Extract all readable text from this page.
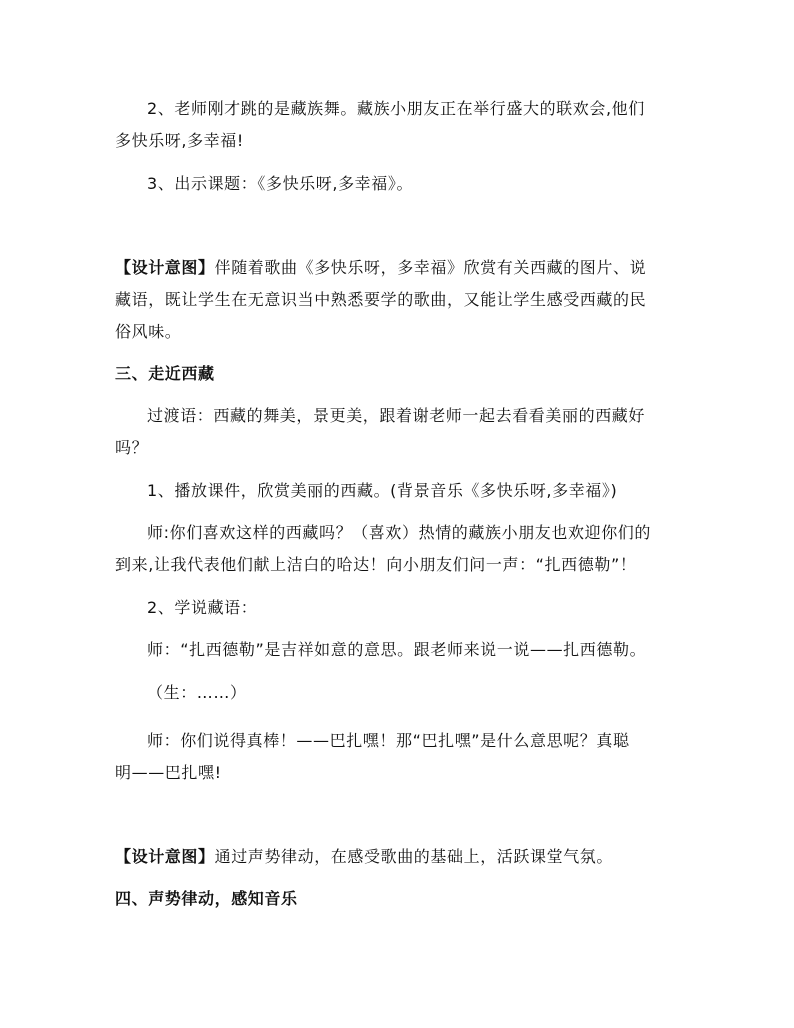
2、老师刚才跳的是藏族舞。藏族小朋友正在举行盛大的联欢会,他们
多快乐呀,多幸福!
3、出示课题：《多快乐呀,多幸福》。
【设计意图】伴随着歌曲《多快乐呀，多幸福》欣赏有关西藏的图片、说
藏语，既让学生在无意识当中熟悉要学的歌曲，又能让学生感受西藏的民
俗风味。
三、走近西藏
过渡语：西藏的舞美，景更美，跟着谢老师一起去看看美丽的西藏好
吗？
1、播放课件，欣赏美丽的西藏。(背景音乐《多快乐呀,多幸福》)
师:你们喜欢这样的西藏吗？（喜欢）热情的藏族小朋友也欢迎你们的
到来,让我代表他们献上洁白的哈达！向小朋友们问一声：“扎西德勒”！
2、学说藏语：
师：“扎西德勒”是吉祥如意的意思。跟老师来说一说——扎西德勒。
（生：……）
师：你们说得真棒！——巴扎嘿！那“巴扎嘿”是什么意思呢？真聪
明——巴扎嘿!
【设计意图】通过声势律动，在感受歌曲的基础上，活跃课堂气氛。
四、声势律动，感知音乐
